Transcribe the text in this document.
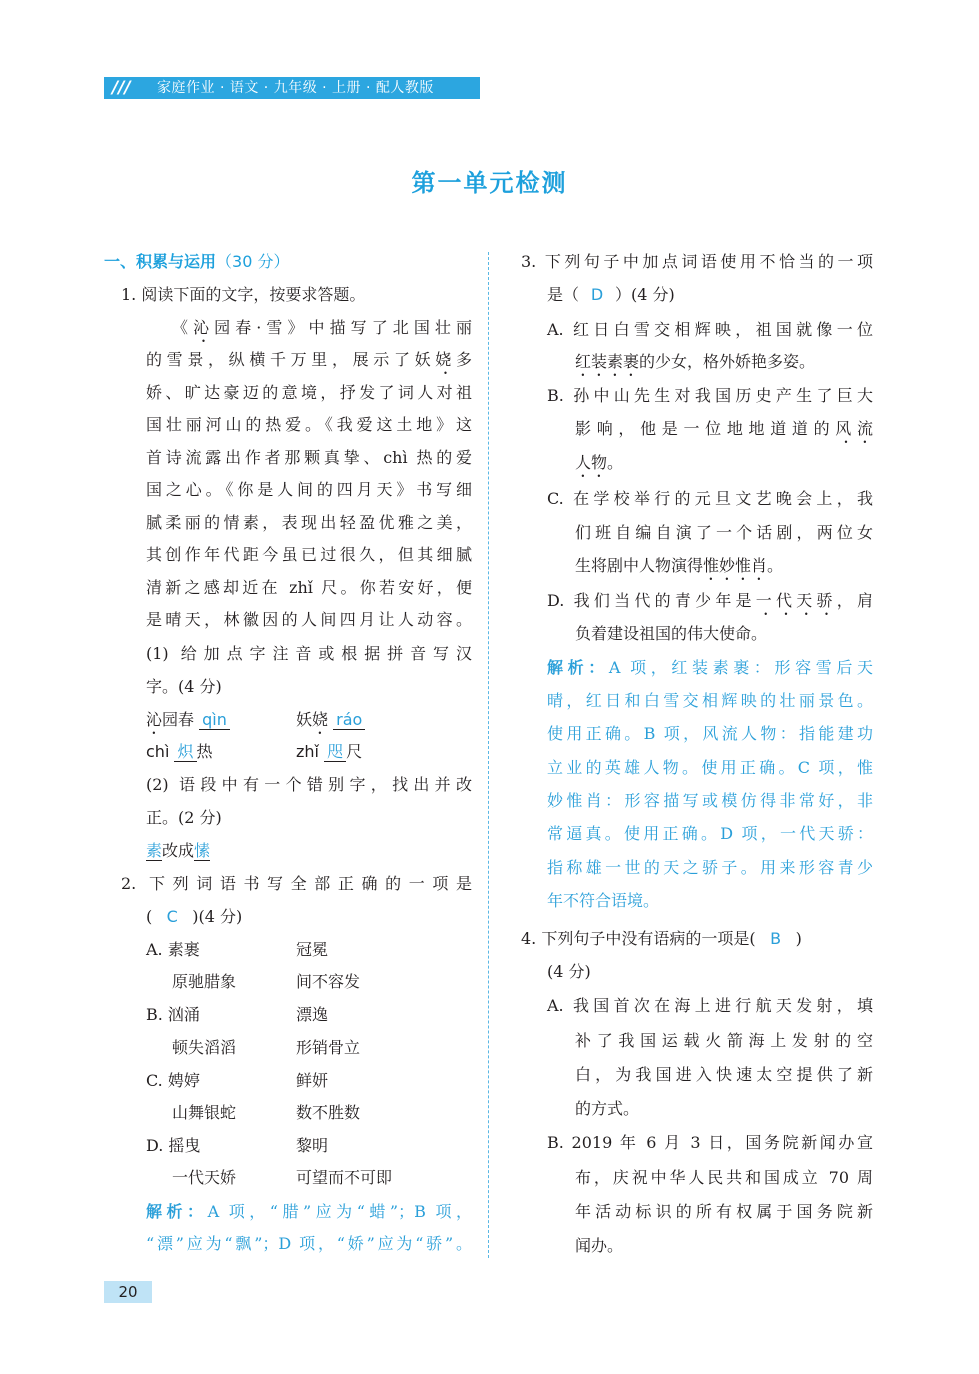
/// 家庭作业 · 语文 · 九年级 · 上册 · 配人教版
第一单元检测
一、积累与运用（30 分）
1. 阅读下面的文字，按要求答题。
《沁园春·雪》中描写了北国壮丽
的雪景，纵横千万里，展示了妖娆多
娇、旷达豪迈的意境，抒发了词人对祖
国壮丽河山的热爱。《我爱这土地》这
首诗流露出作者那颗真挚、chì 热的爱
国之心。《你是人间的四月天》书写细
腻柔丽的情素，表现出轻盈优雅之美，
其创作年代距今虽已过很久，但其细腻
清新之感却近在 zhǐ 尺。你若安好，便
是晴天，林徽因的人间四月让人动容。
(1) 给加点字注音或根据拼音写汉
字。(4 分)
沁园春 qìn	妖娆 ráo
chì 炽 热	zhǐ 咫 尺
(2) 语段中有一个错别字，找出并改
正。(2 分)
素改成愫
2. 下列词语书写全部正确的一项是
( C )(4 分)
A. 素裹	冠冕
原驰腊象	间不容发
B. 汹涌	漂逸
顿失滔滔	形销骨立
C. 娉婷	鲜妍
山舞银蛇	数不胜数
D. 摇曳	黎明
一代天娇	可望而不可即
解析：A 项，“腊”应为“蜡”；B 项，
“漂”应为“飘”；D 项，“娇”应为“骄”。
3. 下列句子中加点词语使用不恰当的一项
是（ D ）(4 分)
A. 红日白雪交相辉映，祖国就像一位
红装素裹的少女，格外娇艳多姿。
B. 孙中山先生对我国历史产生了巨大
影响，他是一位地地道道的风流
人物。
C. 在学校举行的元旦文艺晚会上，我
们班自编自演了一个话剧，两位女
生将剧中人物演得惟妙惟肖。
D. 我们当代的青少年是一代天骄，肩
负着建设祖国的伟大使命。
解析：A 项，红装素裹：形容雪后天
晴，红日和白雪交相辉映的壮丽景色。
使用正确。B 项，风流人物：指能建功
立业的英雄人物。使用正确。C 项，惟
妙惟肖：形容描写或模仿得非常好，非
常逼真。使用正确。D 项，一代天骄：
指称雄一世的天之骄子。用来形容青少
年不符合语境。
4. 下列句子中没有语病的一项是( B )
(4 分)
A. 我国首次在海上进行航天发射，填
补了我国运载火箭海上发射的空
白，为我国进入快速太空提供了新
的方式。
B. 2019 年 6 月 3 日，国务院新闻办宣
布，庆祝中华人民共和国成立 70 周
年活动标识的所有权属于国务院新
闻办。
20
